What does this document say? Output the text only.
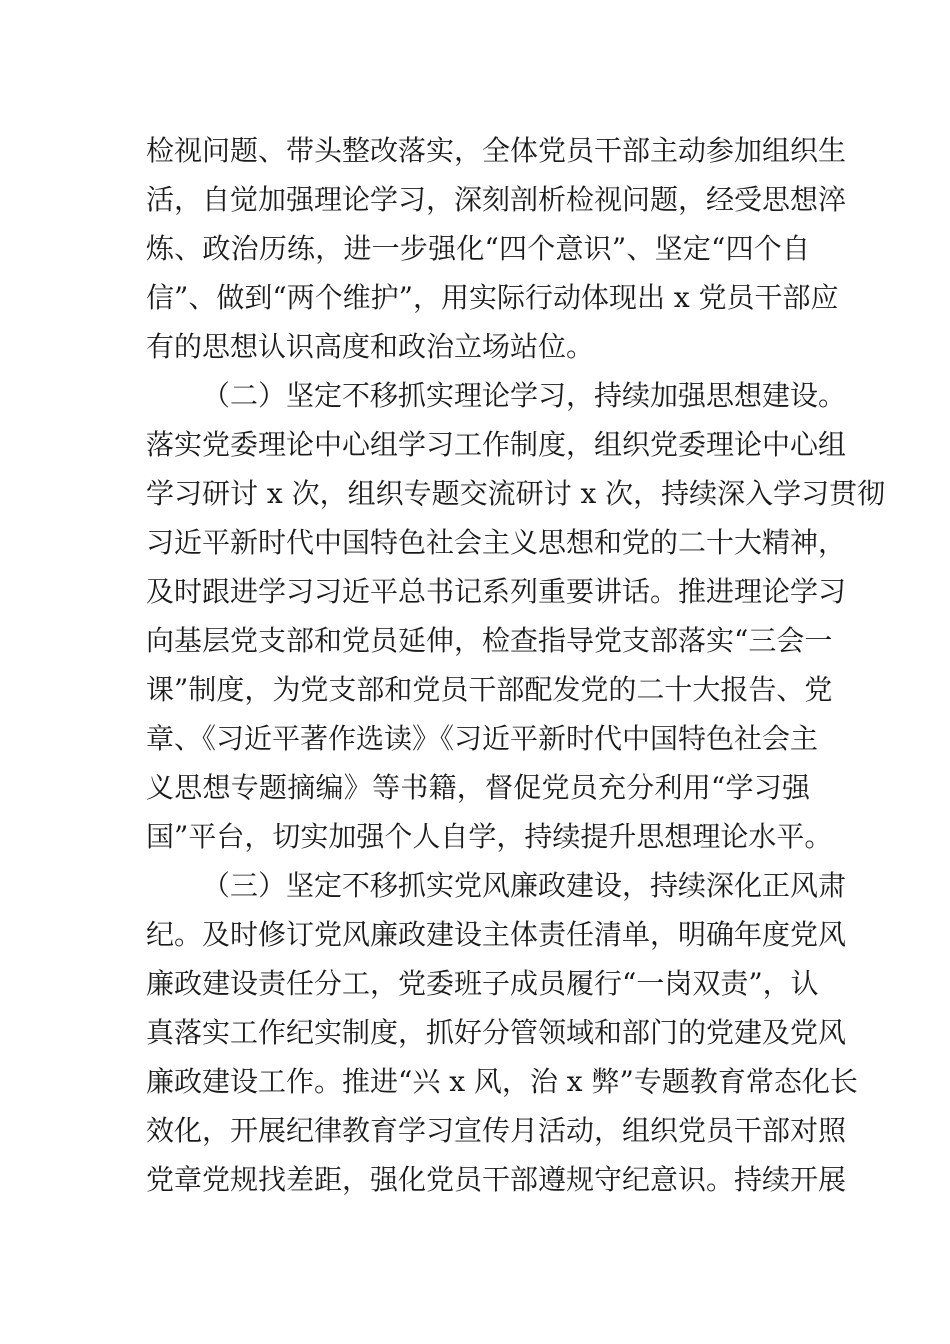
检视问题、带头整改落实，全体党员干部主动参加组织生
活，自觉加强理论学习，深刻剖析检视问题，经受思想淬
炼、政治历练，进一步强化“四个意识”、坚定“四个自
信”、做到“两个维护”，用实际行动体现出 x 党员干部应
有的思想认识高度和政治立场站位。
（二）坚定不移抓实理论学习，持续加强思想建设。
落实党委理论中心组学习工作制度，组织党委理论中心组
学习研讨 x 次，组织专题交流研讨 x 次，持续深入学习贯彻
习近平新时代中国特色社会主义思想和党的二十大精神，
及时跟进学习习近平总书记系列重要讲话。推进理论学习
向基层党支部和党员延伸，检查指导党支部落实“三会一
课”制度，为党支部和党员干部配发党的二十大报告、党
章、《习近平著作选读》《习近平新时代中国特色社会主
义思想专题摘编》等书籍，督促党员充分利用“学习强
国”平台，切实加强个人自学，持续提升思想理论水平。
（三）坚定不移抓实党风廉政建设，持续深化正风肃
纪。及时修订党风廉政建设主体责任清单，明确年度党风
廉政建设责任分工，党委班子成员履行“一岗双责”，认
真落实工作纪实制度，抓好分管领域和部门的党建及党风
廉政建设工作。推进“兴 x 风，治 x 弊”专题教育常态化长
效化，开展纪律教育学习宣传月活动，组织党员干部对照
党章党规找差距，强化党员干部遵规守纪意识。持续开展
